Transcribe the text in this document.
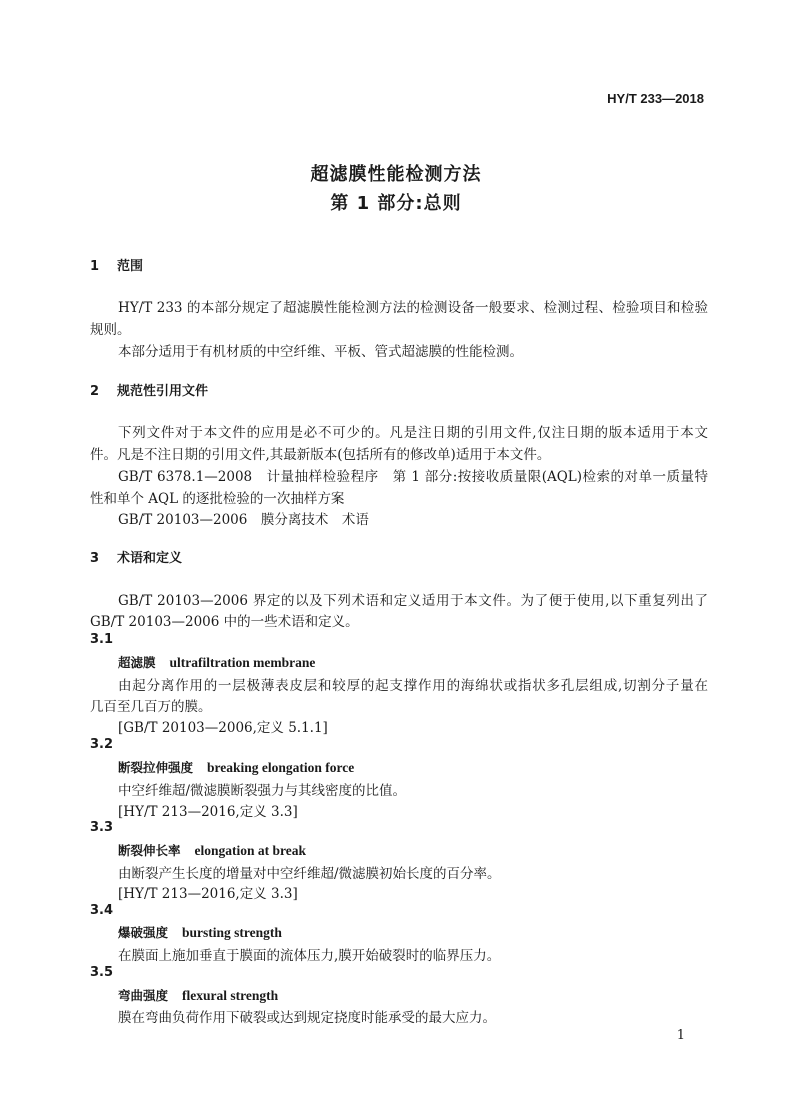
HY/T 233—2018
超滤膜性能检测方法
第 1 部分:总则
1 范围
HY/T 233 的本部分规定了超滤膜性能检测方法的检测设备一般要求、检测过程、检验项目和检验
规则。
本部分适用于有机材质的中空纤维、平板、管式超滤膜的性能检测。
2 规范性引用文件
下列文件对于本文件的应用是必不可少的。凡是注日期的引用文件,仅注日期的版本适用于本文
件。凡是不注日期的引用文件,其最新版本(包括所有的修改单)适用于本文件。
GB/T 6378.1—2008　计量抽样检验程序　第 1 部分:按接收质量限(AQL)检索的对单一质量特
性和单个 AQL 的逐批检验的一次抽样方案
GB/T 20103—2006　膜分离技术　术语
3 术语和定义
GB/T 20103—2006 界定的以及下列术语和定义适用于本文件。为了便于使用,以下重复列出了
GB/T 20103—2006 中的一些术语和定义。
3.1
超滤膜 ultrafiltration membrane
由起分离作用的一层极薄表皮层和较厚的起支撑作用的海绵状或指状多孔层组成,切割分子量在
几百至几百万的膜。
[GB/T 20103—2006,定义 5.1.1]
3.2
断裂拉伸强度 breaking elongation force
中空纤维超/微滤膜断裂强力与其线密度的比值。
[HY/T 213—2016,定义 3.3]
3.3
断裂伸长率 elongation at break
由断裂产生长度的增量对中空纤维超/微滤膜初始长度的百分率。
[HY/T 213—2016,定义 3.3]
3.4
爆破强度 bursting strength
在膜面上施加垂直于膜面的流体压力,膜开始破裂时的临界压力。
3.5
弯曲强度 flexural strength
膜在弯曲负荷作用下破裂或达到规定挠度时能承受的最大应力。
1
